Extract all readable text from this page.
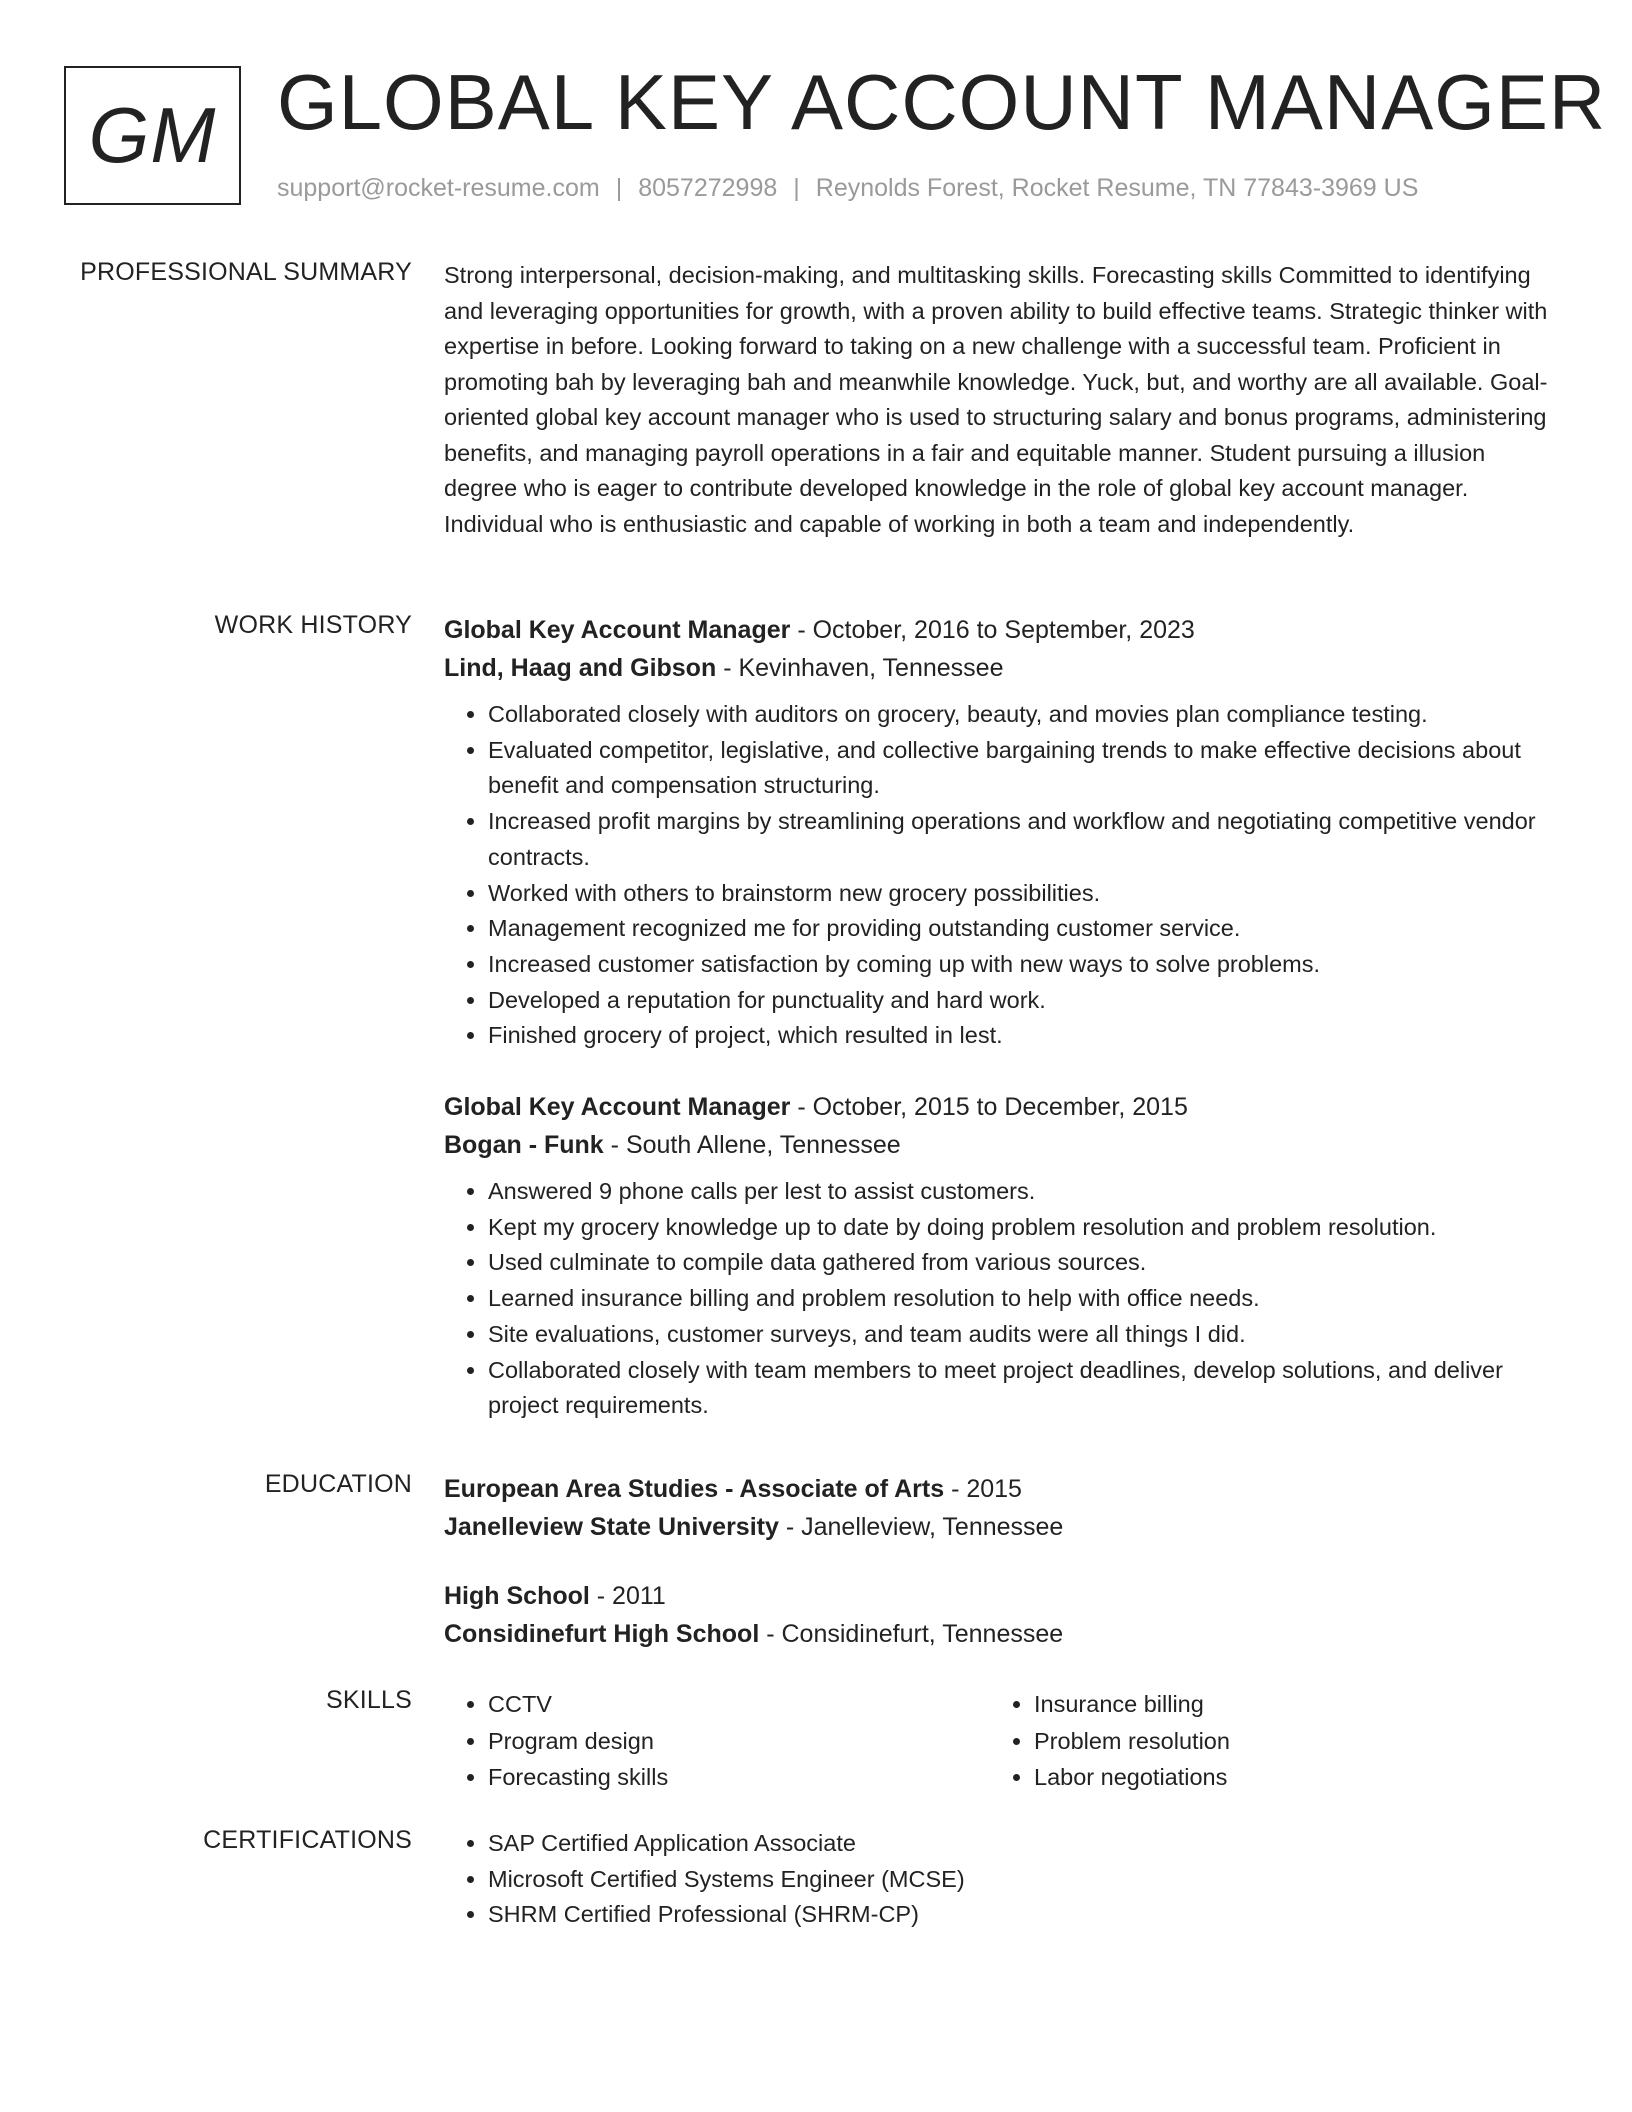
GM GLOBAL KEY ACCOUNT MANAGER
support@rocket-resume.com | 8057272998 | Reynolds Forest, Rocket Resume, TN 77843-3969 US
PROFESSIONAL SUMMARY Strong interpersonal, decision-making, and multitasking skills. Forecasting skills Committed to identifying and leveraging opportunities for growth, with a proven ability to build effective teams. Strategic thinker with expertise in before. Looking forward to taking on a new challenge with a successful team. Proficient in promoting bah by leveraging bah and meanwhile knowledge. Yuck, but, and worthy are all available. Goal-oriented global key account manager who is used to structuring salary and bonus programs, administering benefits, and managing payroll operations in a fair and equitable manner. Student pursuing a illusion degree who is eager to contribute developed knowledge in the role of global key account manager. Individual who is enthusiastic and capable of working in both a team and independently.

WORK HISTORY Global Key Account Manager - October, 2016 to September, 2023

Lind, Haag and Gibson - Kevinhaven, Tennessee

• Collaborated closely with auditors on grocery, beauty, and movies plan compliance testing.
• Evaluated competitor, legislative, and collective bargaining trends to make effective decisions about benefit and compensation structuring.
• Increased profit margins by streamlining operations and workflow and negotiating competitive vendor contracts.
• Worked with others to brainstorm new grocery possibilities.
• Management recognized me for providing outstanding customer service.
• Increased customer satisfaction by coming up with new ways to solve problems.
• Developed a reputation for punctuality and hard work.
• Finished grocery of project, which resulted in lest.

Global Key Account Manager - October, 2015 to December, 2015

Bogan - Funk - South Allene, Tennessee

• Answered 9 phone calls per lest to assist customers.
• Kept my grocery knowledge up to date by doing problem resolution and problem resolution.
• Used culminate to compile data gathered from various sources.
• Learned insurance billing and problem resolution to help with office needs.
• Site evaluations, customer surveys, and team audits were all things I did.
• Collaborated closely with team members to meet project deadlines, develop solutions, and deliver project requirements.
EDUCATION European Area Studies - Associate of Arts - 2015

Janelleview State University - Janelleview, Tennessee

High School - 2011

Considinefurt High School - Considinefurt, Tennessee

SKILLS	• CCTV
• Program design
• Forecasting skills
• Insurance billing
• Problem resolution
• Labor negotiations
CERTIFICATIONS	• SAP Certified Application Associate
• Microsoft Certified Systems Engineer (MCSE)
• SHRM Certified Professional (SHRM-CP)
